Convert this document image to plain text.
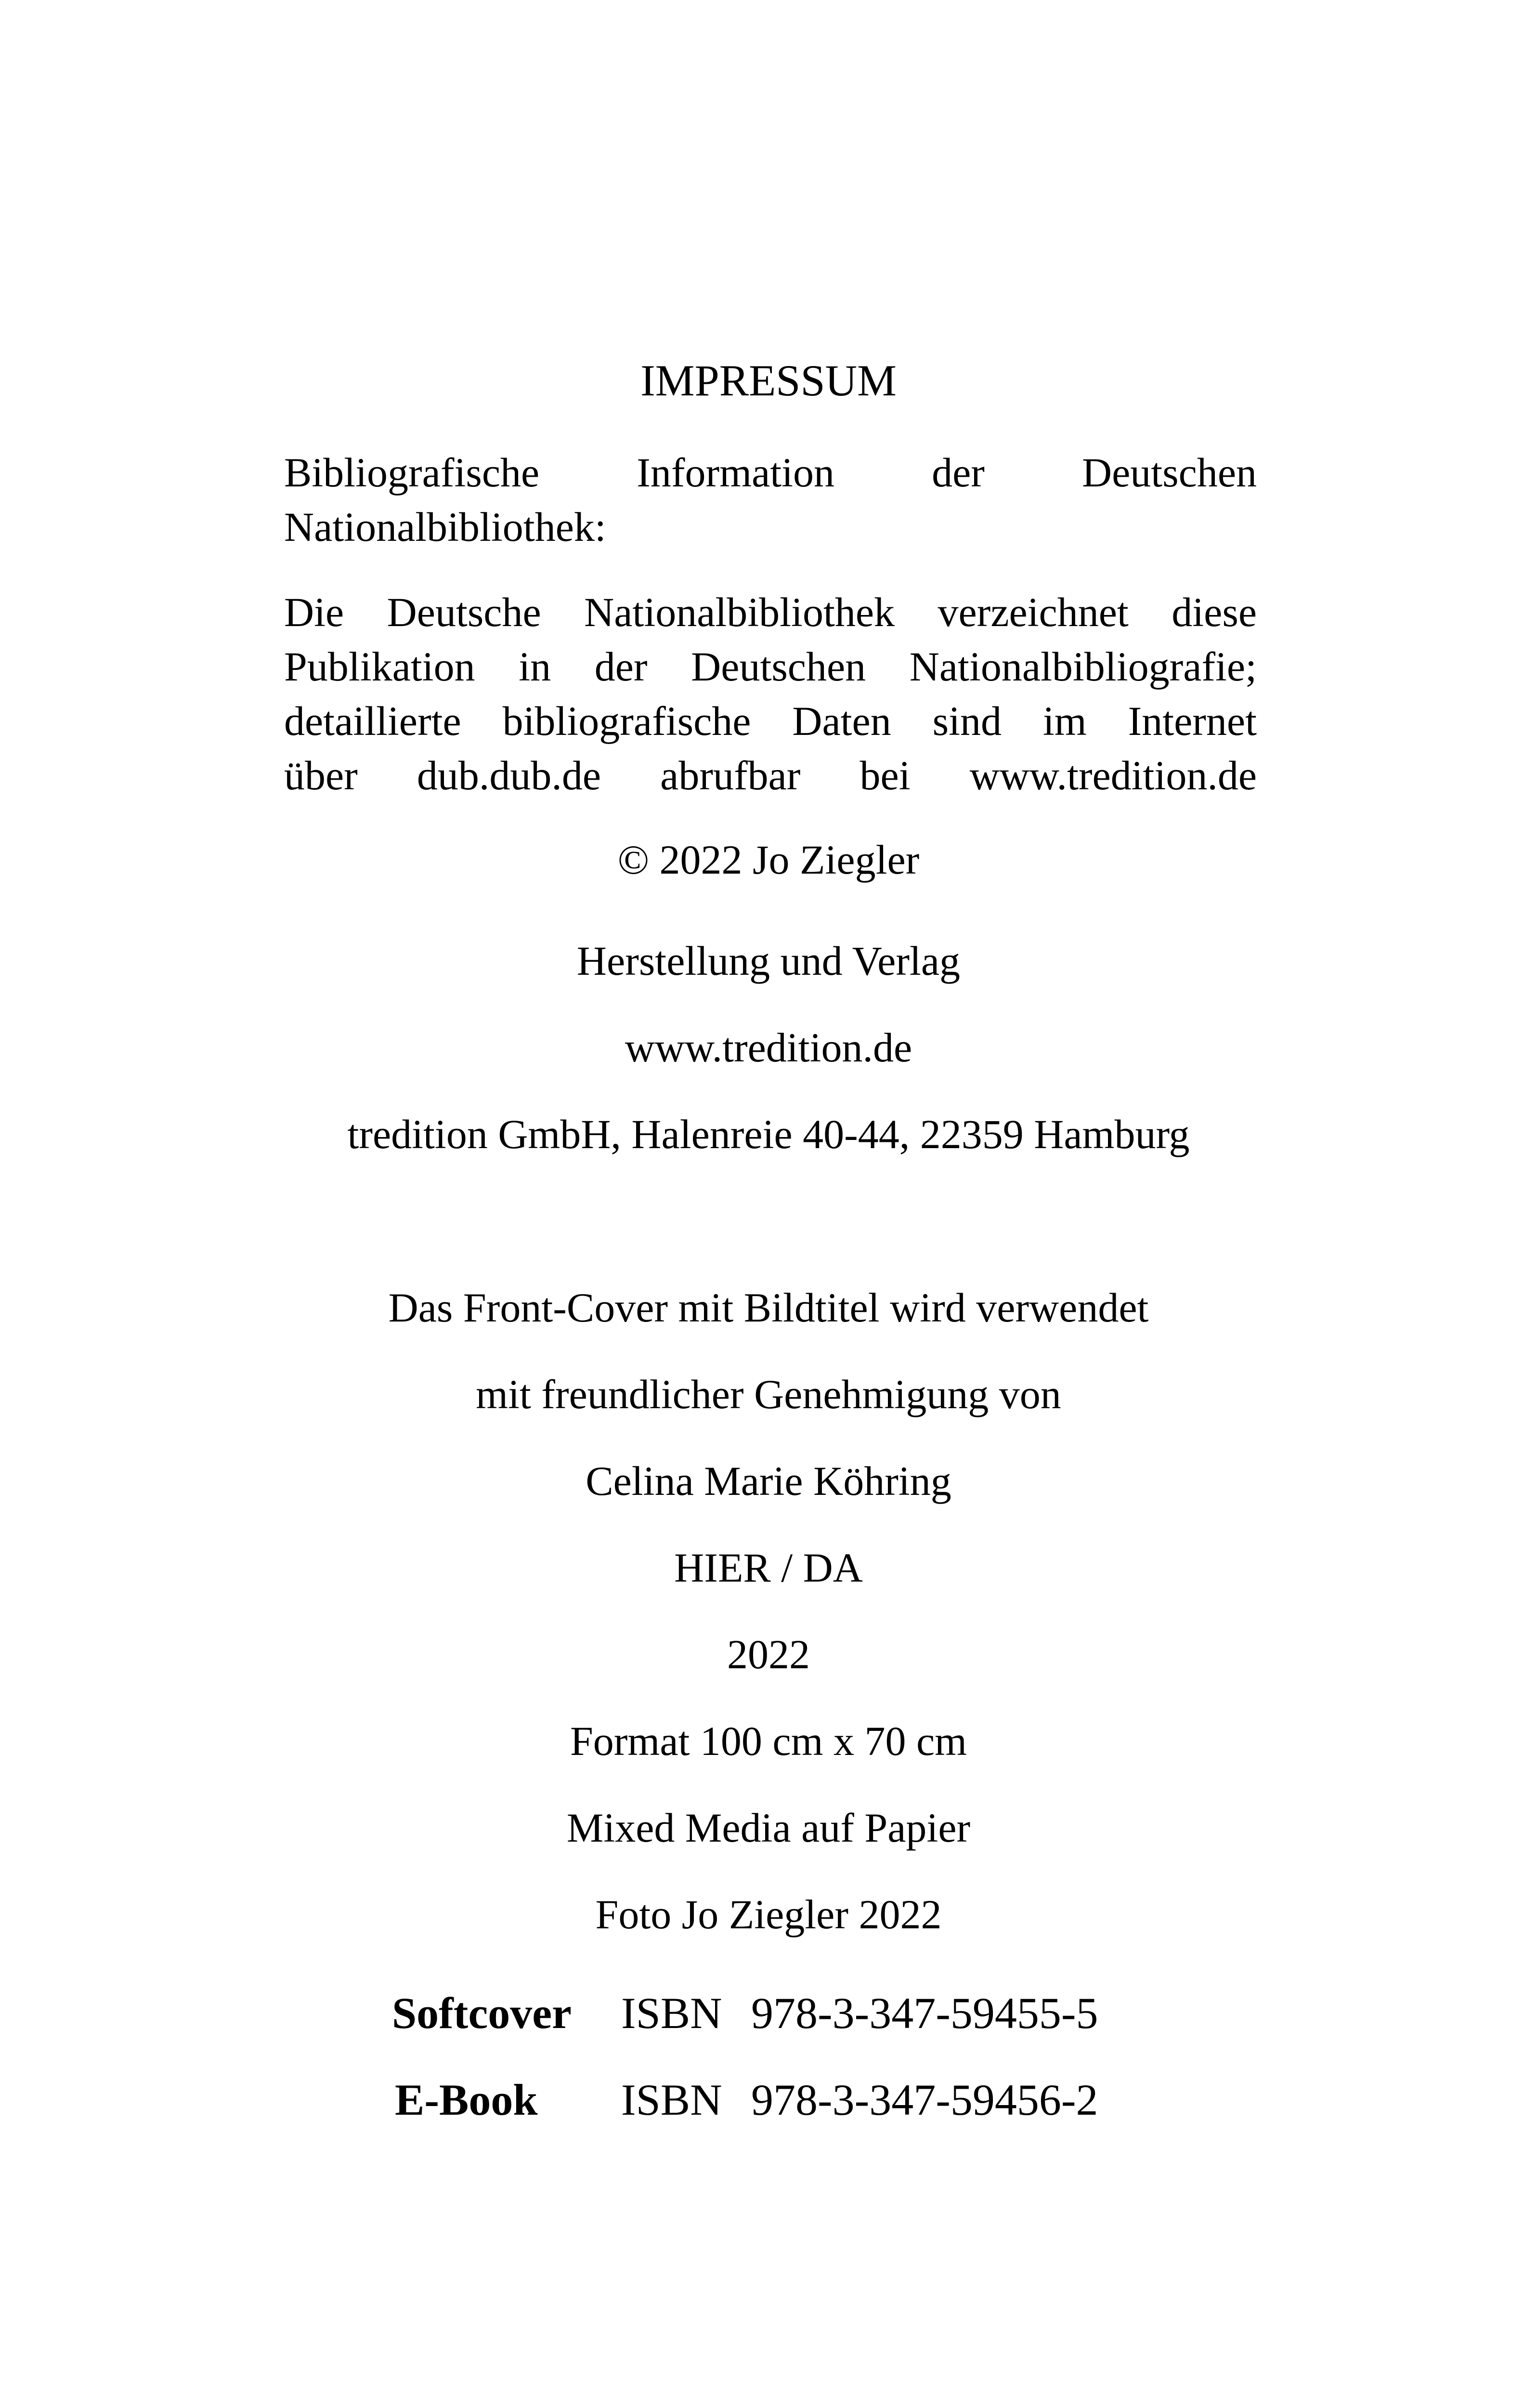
IMPRESSUM
Bibliografische Information der Deutschen
Nationalbibliothek:
Die Deutsche Nationalbibliothek verzeichnet diese
Publikation in der Deutschen Nationalbibliografie;
detaillierte bibliografische Daten sind im Internet
über dub.dub.de abrufbar bei www.tredition.de
© 2022 Jo Ziegler
Herstellung und Verlag
www.tredition.de
tredition GmbH, Halenreie 40-44, 22359 Hamburg
Das Front-Cover mit Bildtitel wird verwendet
mit freundlicher Genehmigung von
Celina Marie Köhring
HIER / DA
2022
Format 100 cm x 70 cm
Mixed Media auf Papier
Foto Jo Ziegler 2022
Softcover ISBN 978-3-347-59455-5
E-Book ISBN 978-3-347-59456-2
